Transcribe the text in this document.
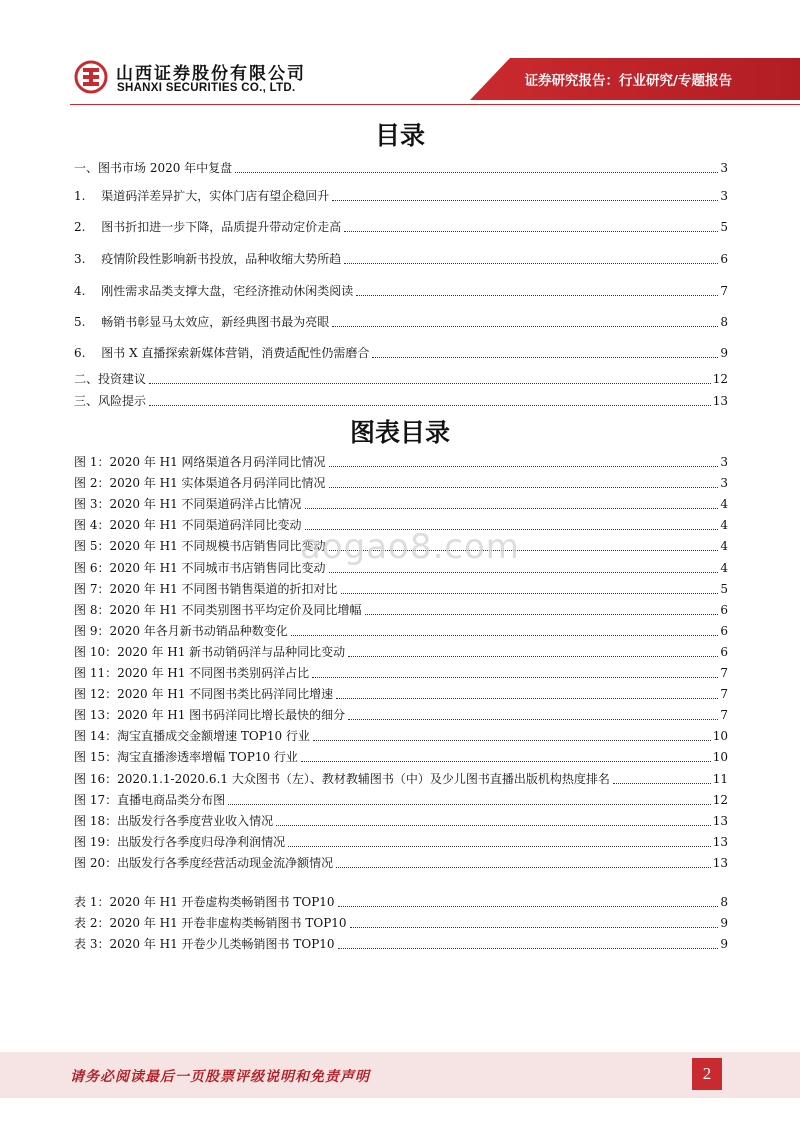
山西证券股份有限公司
SHANXI SECURITIES CO., LTD.	证券研究报告：行业研究/专题报告
目录
一、图书市场 2020 年中复盘	3
1.　 渠道码洋差异扩大，实体门店有望企稳回升	3
2.　 图书折扣进一步下降，品质提升带动定价走高	5
3.　 疫情阶段性影响新书投放，品种收缩大势所趋	6
4.　 刚性需求品类支撑大盘，宅经济推动休闲类阅读	7
5.　 畅销书彰显马太效应，新经典图书最为亮眼	8
6.　 图书 X 直播探索新媒体营销，消费适配性仍需磨合	9
二、投资建议	12
三、风险提示	13
图表目录
图 1：2020 年 H1 网络渠道各月码洋同比情况	3
图 2：2020 年 H1 实体渠道各月码洋同比情况	3
图 3：2020 年 H1 不同渠道码洋占比情况	4
图 4：2020 年 H1 不同渠道码洋同比变动	4
图 5：2020 年 H1 不同规模书店销售同比变动	4
图 6：2020 年 H1 不同城市书店销售同比变动	4
图 7：2020 年 H1 不同图书销售渠道的折扣对比	5
图 8：2020 年 H1 不同类别图书平均定价及同比增幅	6
图 9：2020 年各月新书动销品种数变化	6
图 10：2020 年 H1 新书动销码洋与品种同比变动	6
图 11：2020 年 H1 不同图书类别码洋占比	7
图 12：2020 年 H1 不同图书类比码洋同比增速	7
图 13：2020 年 H1 图书码洋同比增长最快的细分	7
图 14：淘宝直播成交金额增速 TOP10 行业	10
图 15：淘宝直播渗透率增幅 TOP10 行业	10
图 16：2020.1.1-2020.6.1 大众图书（左）、教材教辅图书（中）及少儿图书直播出版机构热度排名	11
图 17：直播电商品类分布图	12
图 18：出版发行各季度营业收入情况	13
图 19：出版发行各季度归母净利润情况	13
图 20：出版发行各季度经营活动现金流净额情况	13
表 1：2020 年 H1 开卷虚构类畅销图书 TOP10	8
表 2：2020 年 H1 开卷非虚构类畅销图书 TOP10	9
表 3：2020 年 H1 开卷少儿类畅销图书 TOP10	9
aogao8.com
请务必阅读最后一页股票评级说明和免责声明	2
